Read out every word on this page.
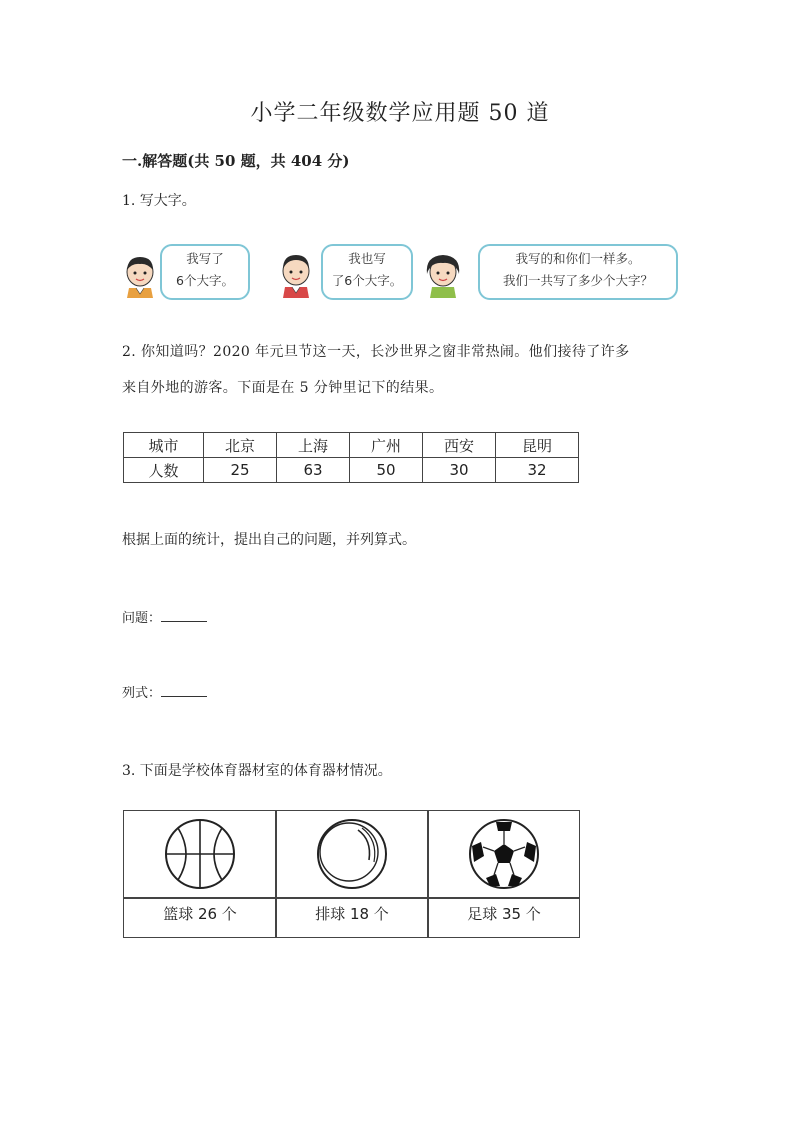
小学二年级数学应用题 50 道
一.解答题(共 50 题，共 404 分)
1. 写大字。
我写了
6个大字。
我也写
了6个大字。
我写的和你们一样多。
我们一共写了多少个大字？
2. 你知道吗？2020 年元旦节这一天，长沙世界之窗非常热闹。他们接待了许多
来自外地的游客。下面是在 5 分钟里记下的结果。
城市	北京	上海	广州	西安	昆明
人数	25	63	50	30	32
根据上面的统计，提出自己的问题，并列算式。
问题：
列式：
3. 下面是学校体育器材室的体育器材情况。
篮球 26 个	排球 18 个	足球 35 个
